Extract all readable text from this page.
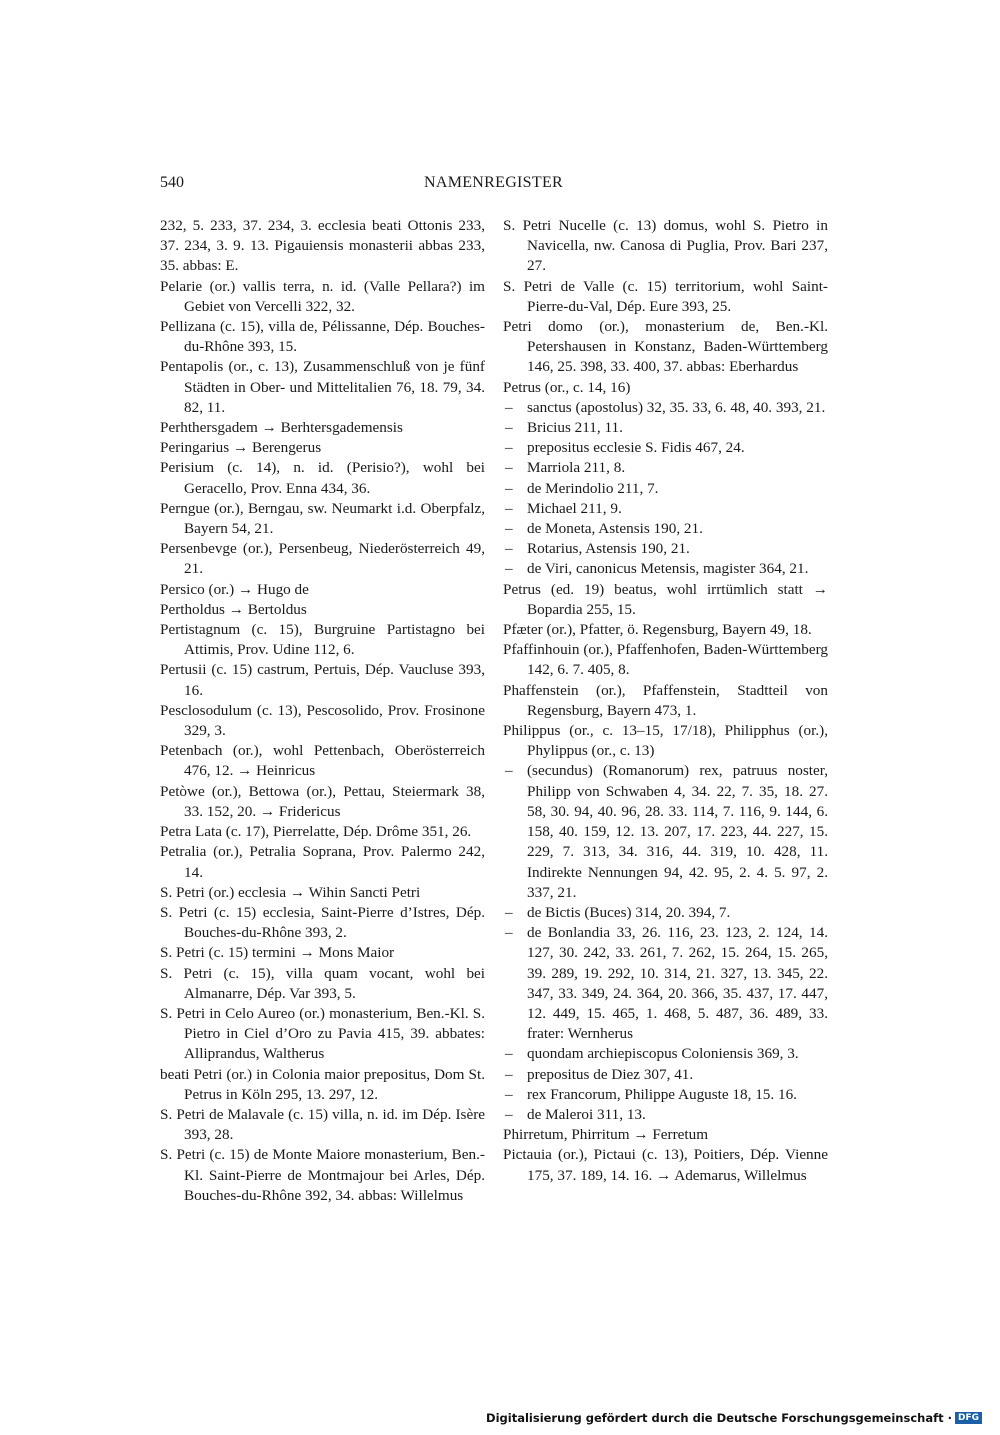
540	NAMENREGISTER

232, 5. 233, 37. 234, 3. ecclesia beati Ottonis 233, 37. 234, 3. 9. 13. Pigauiensis monasterii abbas 233, 35. abbas: E.

Pelarie (or.) vallis terra, n. id. (Valle Pellara?) im Gebiet von Vercelli 322, 32.

Pellizana (c. 15), villa de, Pélissanne, Dép. Bouches-du-Rhône 393, 15.

Pentapolis (or., c. 13), Zusammenschluß von je fünf Städten in Ober- und Mittelitalien 76, 18. 79, 34. 82, 11.

Perhthersgadem → Berhtersgademensis

Peringarius → Berengerus

Perisium (c. 14), n. id. (Perisio?), wohl bei Geracello, Prov. Enna 434, 36.

Perngue (or.), Berngau, sw. Neumarkt i.d. Oberpfalz, Bayern 54, 21.

Persenbevge (or.), Persenbeug, Niederösterreich 49, 21.

Persico (or.) → Hugo de

Pertholdus → Bertoldus

Pertistagnum (c. 15), Burgruine Partistagno bei Attimis, Prov. Udine 112, 6.

Pertusii (c. 15) castrum, Pertuis, Dép. Vaucluse 393, 16.

Pesclosodulum (c. 13), Pescosolido, Prov. Frosinone 329, 3.

Petenbach (or.), wohl Pettenbach, Oberösterreich 476, 12. → Heinricus

Petòwe (or.), Bettowa (or.), Pettau, Steiermark 38, 33. 152, 20. → Fridericus

Petra Lata (c. 17), Pierrelatte, Dép. Drôme 351, 26.

Petralia (or.), Petralia Soprana, Prov. Palermo 242, 14.

S. Petri (or.) ecclesia → Wihin Sancti Petri

S. Petri (c. 15) ecclesia, Saint-Pierre d’Istres, Dép. Bouches-du-Rhône 393, 2.

S. Petri (c. 15) termini → Mons Maior

S. Petri (c. 15), villa quam vocant, wohl bei Almanarre, Dép. Var 393, 5.

S. Petri in Celo Aureo (or.) monasterium, Ben.-Kl. S. Pietro in Ciel d’Oro zu Pavia 415, 39. abbates: Alliprandus, Waltherus

beati Petri (or.) in Colonia maior prepositus, Dom St. Petrus in Köln 295, 13. 297, 12.

S. Petri de Malavale (c. 15) villa, n. id. im Dép. Isère 393, 28.

S. Petri (c. 15) de Monte Maiore monasterium, Ben.-Kl. Saint-Pierre de Montmajour bei Arles, Dép. Bouches-du-Rhône 392, 34. abbas: Willelmus

S. Petri Nucelle (c. 13) domus, wohl S. Pietro in Navicella, nw. Canosa di Puglia, Prov. Bari 237, 27.

S. Petri de Valle (c. 15) territorium, wohl Saint-Pierre-du-Val, Dép. Eure 393, 25.

Petri domo (or.), monasterium de, Ben.-Kl. Petershausen in Konstanz, Baden-Württemberg 146, 25. 398, 33. 400, 37. abbas: Eberhardus

Petrus (or., c. 14, 16)

– sanctus (apostolus) 32, 35. 33, 6. 48, 40. 393, 21.

– Bricius 211, 11.

– prepositus ecclesie S. Fidis 467, 24.

– Marriola 211, 8.

– de Merindolio 211, 7.

– Michael 211, 9.

– de Moneta, Astensis 190, 21.

– Rotarius, Astensis 190, 21.

– de Viri, canonicus Metensis, magister 364, 21.

Petrus (ed. 19) beatus, wohl irrtümlich statt → Bopardia 255, 15.

Pfæter (or.), Pfatter, ö. Regensburg, Bayern 49, 18.

Pfaffinhouin (or.), Pfaffenhofen, Baden-Württemberg 142, 6. 7. 405, 8.

Phaffenstein (or.), Pfaffenstein, Stadtteil von Regensburg, Bayern 473, 1.

Philippus (or., c. 13–15, 17/18), Philipphus (or.), Phylippus (or., c. 13)

– (secundus) (Romanorum) rex, patruus noster, Philipp von Schwaben 4, 34. 22, 7. 35, 18. 27. 58, 30. 94, 40. 96, 28. 33. 114, 7. 116, 9. 144, 6. 158, 40. 159, 12. 13. 207, 17. 223, 44. 227, 15. 229, 7. 313, 34. 316, 44. 319, 10. 428, 11. Indirekte Nennungen 94, 42. 95, 2. 4. 5. 97, 2. 337, 21.

– de Bictis (Buces) 314, 20. 394, 7.

– de Bonlandia 33, 26. 116, 23. 123, 2. 124, 14. 127, 30. 242, 33. 261, 7. 262, 15. 264, 15. 265, 39. 289, 19. 292, 10. 314, 21. 327, 13. 345, 22. 347, 33. 349, 24. 364, 20. 366, 35. 437, 17. 447, 12. 449, 15. 465, 1. 468, 5. 487, 36. 489, 33. frater: Wernherus

– quondam archiepiscopus Coloniensis 369, 3.

– prepositus de Diez 307, 41.

– rex Francorum, Philippe Auguste 18, 15. 16.

– de Maleroi 311, 13.

Phirretum, Phirritum → Ferretum

Pictauia (or.), Pictaui (c. 13), Poitiers, Dép. Vienne 175, 37. 189, 14. 16. → Ademarus, Willelmus

Digitalisierung gefördert durch die Deutsche Forschungsgemeinschaft · DFG
